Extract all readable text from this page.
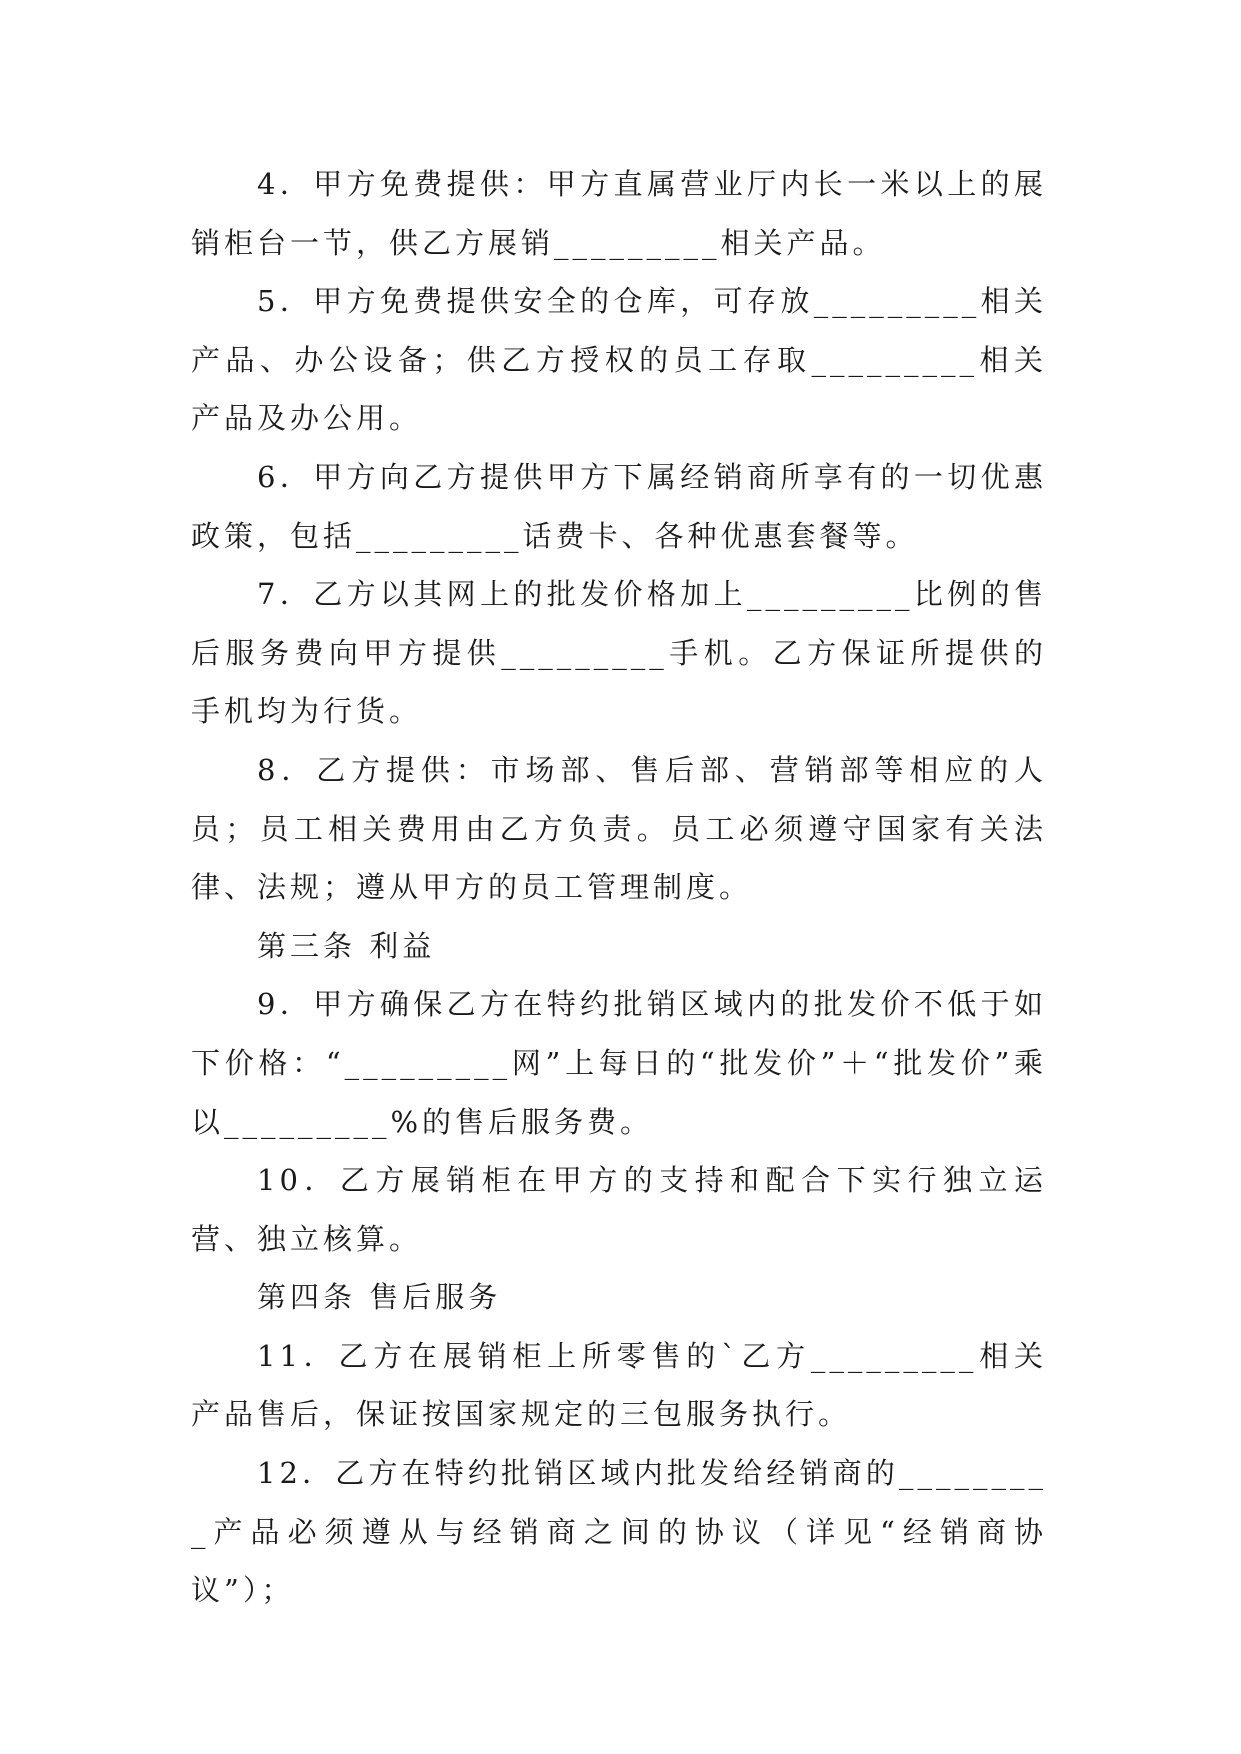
4．甲方免费提供：甲方直属营业厅内长一米以上的展销柜台一节，供乙方展销_________相关产品。

5．甲方免费提供安全的仓库，可存放_________相关产品、办公设备；供乙方授权的员工存取_________相关产品及办公用。

6．甲方向乙方提供甲方下属经销商所享有的一切优惠政策，包括_________话费卡、各种优惠套餐等。

7．乙方以其网上的批发价格加上_________比例的售后服务费向甲方提供_________手机。乙方保证所提供的手机均为行货。

8．乙方提供：市场部、售后部、营销部等相应的人员；员工相关费用由乙方负责。员工必须遵守国家有关法律、法规；遵从甲方的员工管理制度。

第三条 利益

9．甲方确保乙方在特约批销区域内的批发价不低于如下价格：“_________网”上每日的“批发价”＋“批发价”乘以_________%的售后服务费。

10．乙方展销柜在甲方的支持和配合下实行独立运营、独立核算。

第四条 售后服务

11．乙方在展销柜上所零售的`乙方_________相关产品售后，保证按国家规定的三包服务执行。

12．乙方在特约批销区域内批发给经销商的_________产品必须遵从与经销商之间的协议（详见“经销商协议”）；
